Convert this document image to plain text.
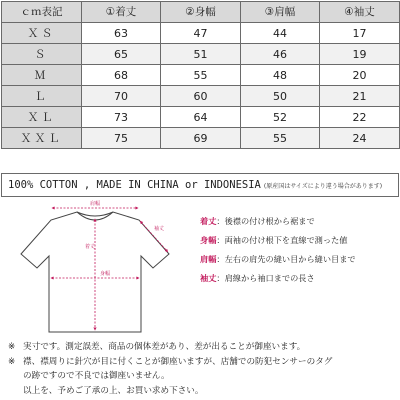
ｃｍ表記	①着丈	②身幅	③肩幅	④袖丈
ＸＳ	63	47	44	17
Ｓ	65	51	46	19
Ｍ	68	55	48	20
Ｌ	70	60	50	21
ＸＬ	73	64	52	22
ＸＸＬ	75	69	55	24
100% COTTON , MADE IN CHINA or INDONESIA (原産国はサイズにより違う場合があります)
肩幅
着丈
身幅
袖丈
着丈 ： 後襟の付け根から裾まで
身幅 ： 両袖の付け根下を直線で測った値
肩幅 ： 左右の肩先の縫い目から縫い目まで
袖丈 ： 肩線から袖口までの長さ
※ 実寸です。測定誤差、商品の個体差があり、差が出ることが御座います。
※ 襟、襟周りに針穴が目に付くことが御座いますが、店舗での防犯センサーのタグ
の跡ですので不良では御座いません。
以上を、予めご了承の上、お買い求め下さい。
